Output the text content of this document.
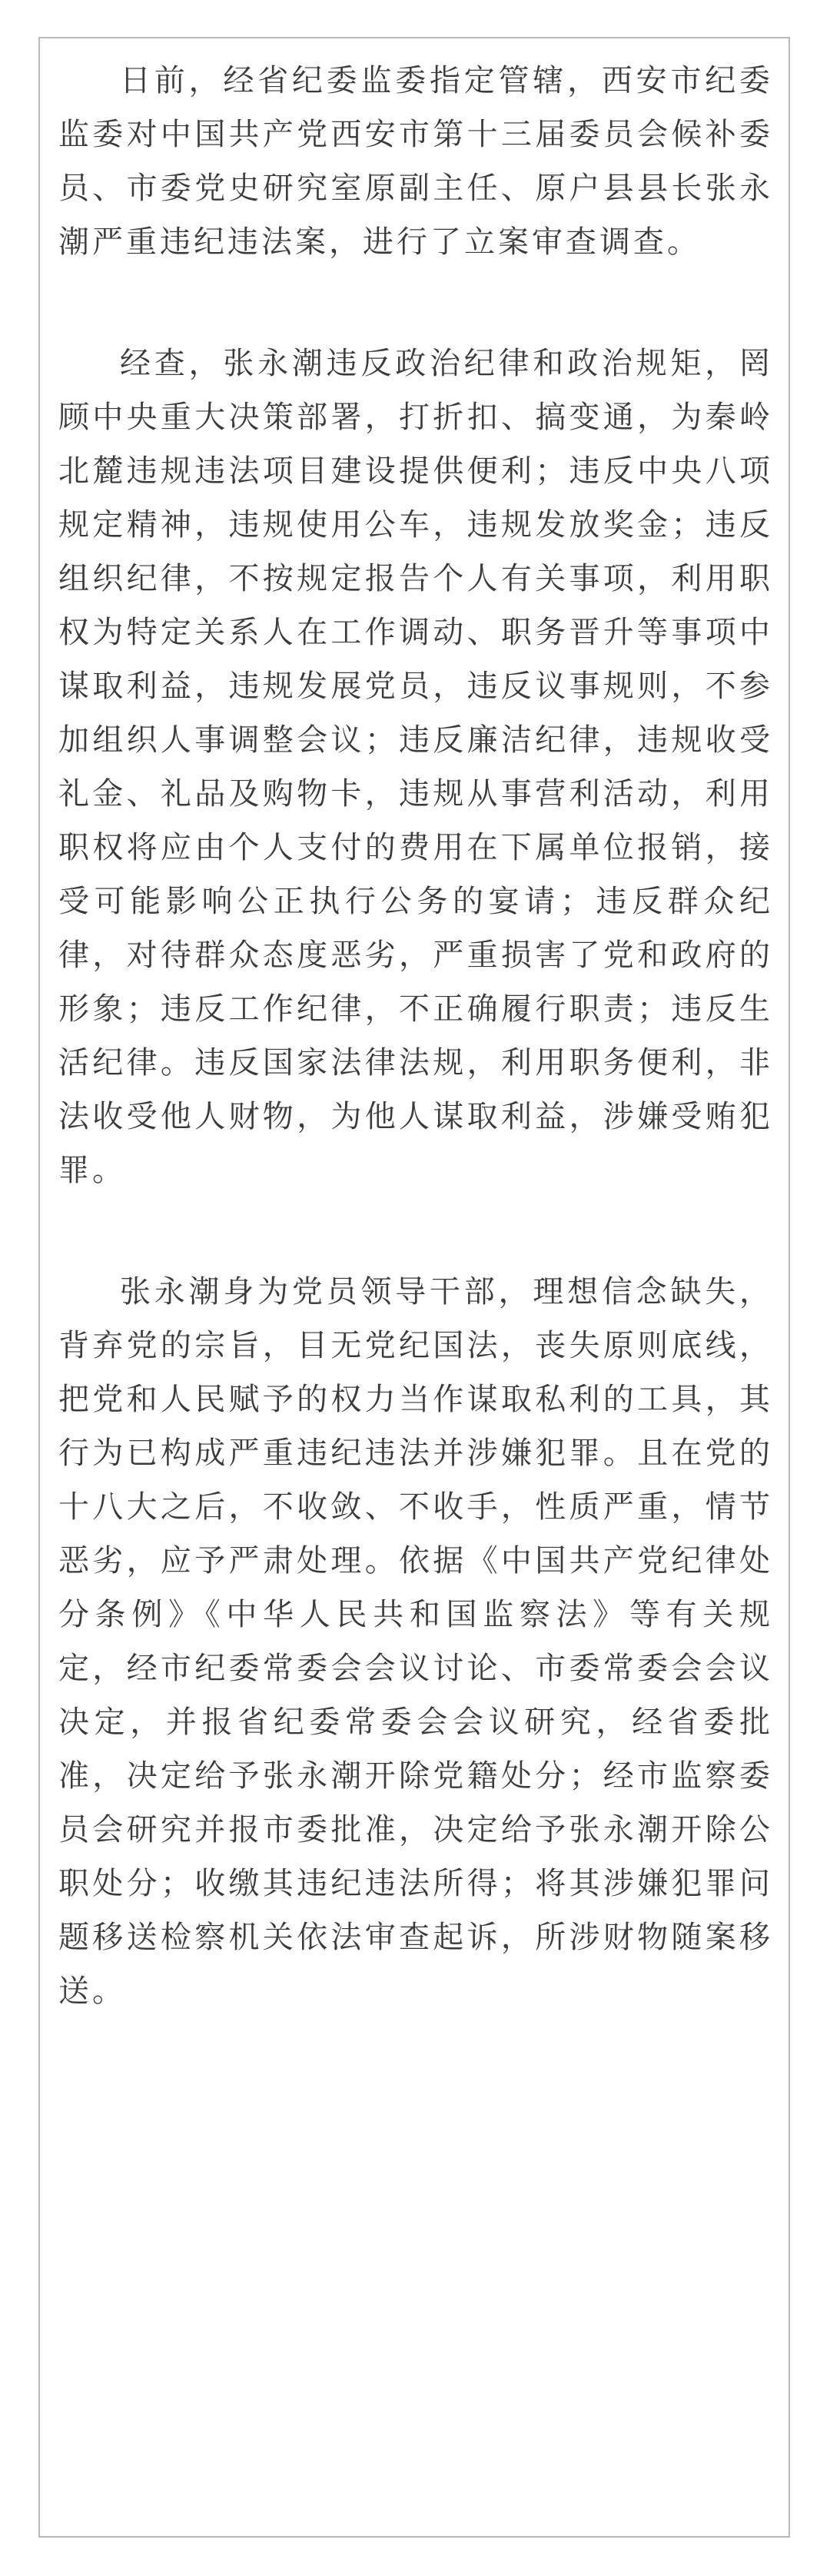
日前，经省纪委监委指定管辖，西安市纪委监委对中国共产党西安市第十三届委员会候补委员、市委党史研究室原副主任、原户县县长张永潮严重违纪违法案，进行了立案审查调查。

经查，张永潮违反政治纪律和政治规矩，罔顾中央重大决策部署，打折扣、搞变通，为秦岭北麓违规违法项目建设提供便利；违反中央八项规定精神，违规使用公车，违规发放奖金；违反组织纪律，不按规定报告个人有关事项，利用职权为特定关系人在工作调动、职务晋升等事项中谋取利益，违规发展党员，违反议事规则，不参加组织人事调整会议；违反廉洁纪律，违规收受礼金、礼品及购物卡，违规从事营利活动，利用职权将应由个人支付的费用在下属单位报销，接受可能影响公正执行公务的宴请；违反群众纪律，对待群众态度恶劣，严重损害了党和政府的形象；违反工作纪律，不正确履行职责；违反生活纪律。违反国家法律法规，利用职务便利，非法收受他人财物，为他人谋取利益，涉嫌受贿犯罪。

张永潮身为党员领导干部，理想信念缺失，背弃党的宗旨，目无党纪国法，丧失原则底线，把党和人民赋予的权力当作谋取私利的工具，其行为已构成严重违纪违法并涉嫌犯罪。且在党的十八大之后，不收敛、不收手，性质严重，情节恶劣，应予严肃处理。依据《中国共产党纪律处分条例》《中华人民共和国监察法》等有关规定，经市纪委常委会会议讨论、市委常委会会议决定，并报省纪委常委会会议研究，经省委批准，决定给予张永潮开除党籍处分；经市监察委员会研究并报市委批准，决定给予张永潮开除公职处分；收缴其违纪违法所得；将其涉嫌犯罪问题移送检察机关依法审查起诉，所涉财物随案移送。
